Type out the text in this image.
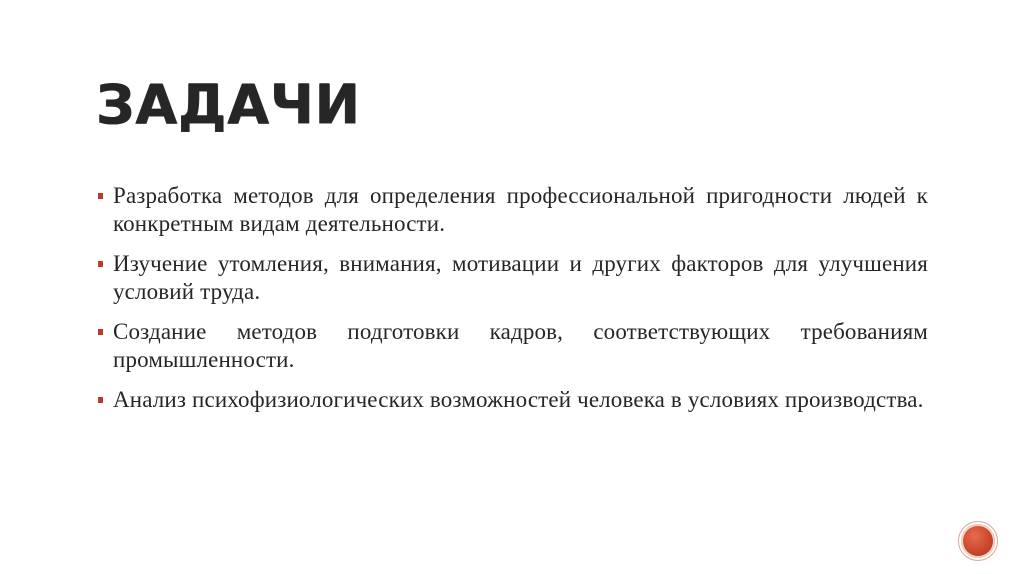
ЗАДАЧИ
Разработка методов для определения профессиональной пригодности людей к конкретным видам деятельности.
Изучение утомления, внимания, мотивации и других факторов для улучшения условий труда.
Создание методов подготовки кадров, соответствующих требованиям промышленности.
Анализ психофизиологических возможностей человека в условиях производства.
